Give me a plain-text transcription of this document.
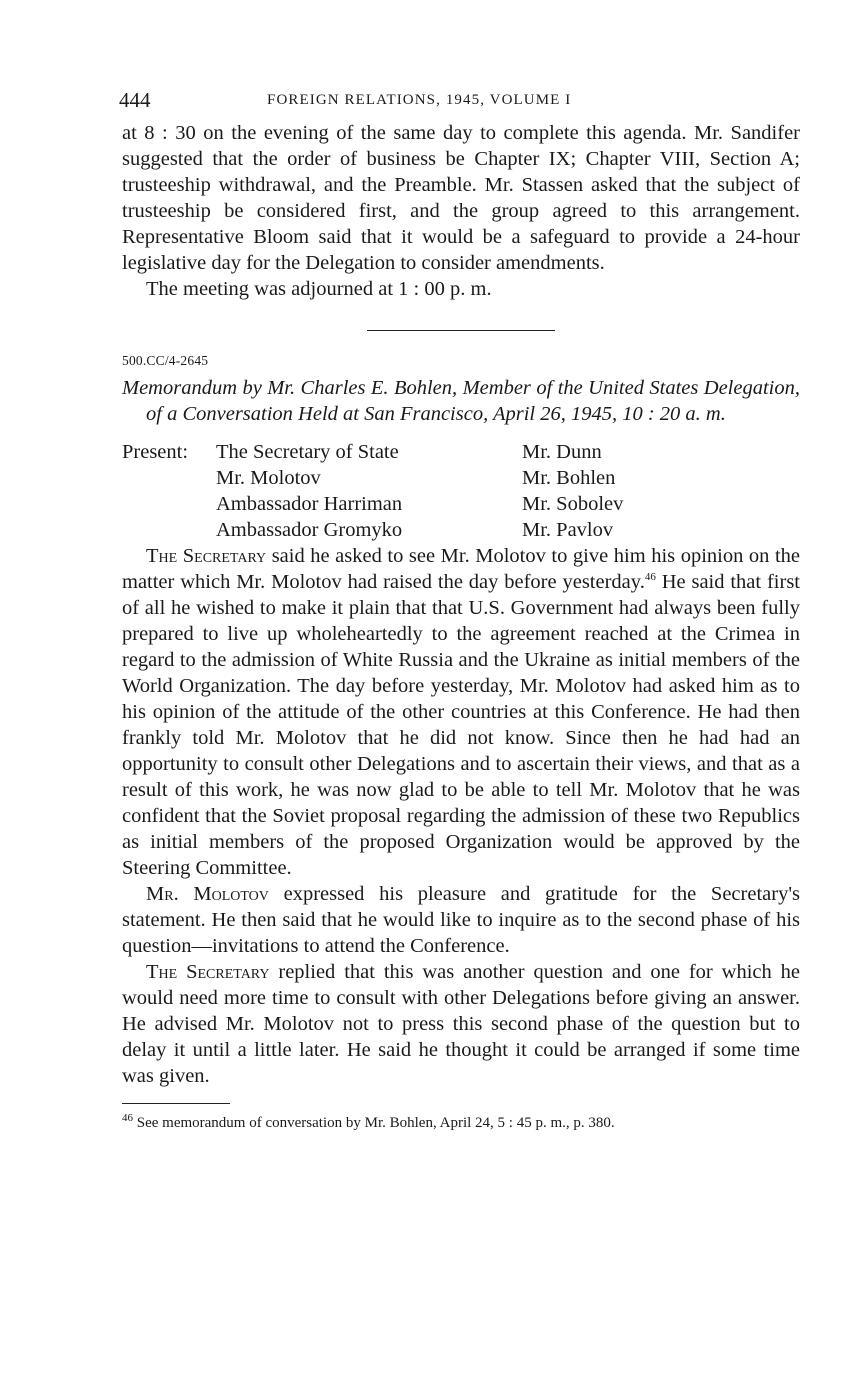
444	FOREIGN RELATIONS, 1945, VOLUME I

at 8 : 30 on the evening of the same day to complete this agenda. Mr. Sandifer suggested that the order of business be Chapter IX; Chapter VIII, Section A; trusteeship withdrawal, and the Preamble. Mr. Stassen asked that the subject of trusteeship be considered first, and the group agreed to this arrangement. Representative Bloom said that it would be a safeguard to provide a 24-hour legislative day for the Delegation to consider amendments.

The meeting was adjourned at 1 : 00 p. m.

500.CC/4-2645
Memorandum by Mr. Charles E. Bohlen, Member of the United States Delegation, of a Conversation Held at San Francisco, April 26, 1945, 10 : 20 a. m.
Present:	The Secretary of State
Mr. Molotov
Ambassador Harriman
Ambassador Gromyko
Mr. Dunn
Mr. Bohlen
Mr. Sobolev
Mr. Pavlov

The Secretary said he asked to see Mr. Molotov to give him his opinion on the matter which Mr. Molotov had raised the day before yesterday.$^{46}$ He said that first of all he wished to make it plain that that U.S. Government had always been fully prepared to live up wholeheartedly to the agreement reached at the Crimea in regard to the admission of White Russia and the Ukraine as initial members of the World Organization. The day before yesterday, Mr. Molotov had asked him as to his opinion of the attitude of the other countries at this Conference. He had then frankly told Mr. Molotov that he did not know. Since then he had had an opportunity to consult other Delegations and to ascertain their views, and that as a result of this work, he was now glad to be able to tell Mr. Molotov that he was confident that the Soviet proposal regarding the admission of these two Republics as initial members of the proposed Organization would be approved by the Steering Committee.

Mr. Molotov expressed his pleasure and gratitude for the Secretary's statement. He then said that he would like to inquire as to the second phase of his question—invitations to attend the Conference.

The Secretary replied that this was another question and one for which he would need more time to consult with other Delegations before giving an answer. He advised Mr. Molotov not to press this second phase of the question but to delay it until a little later. He said he thought it could be arranged if some time was given.

$^{46}$ See memorandum of conversation by Mr. Bohlen, April 24, 5 : 45 p. m., p. 380.
